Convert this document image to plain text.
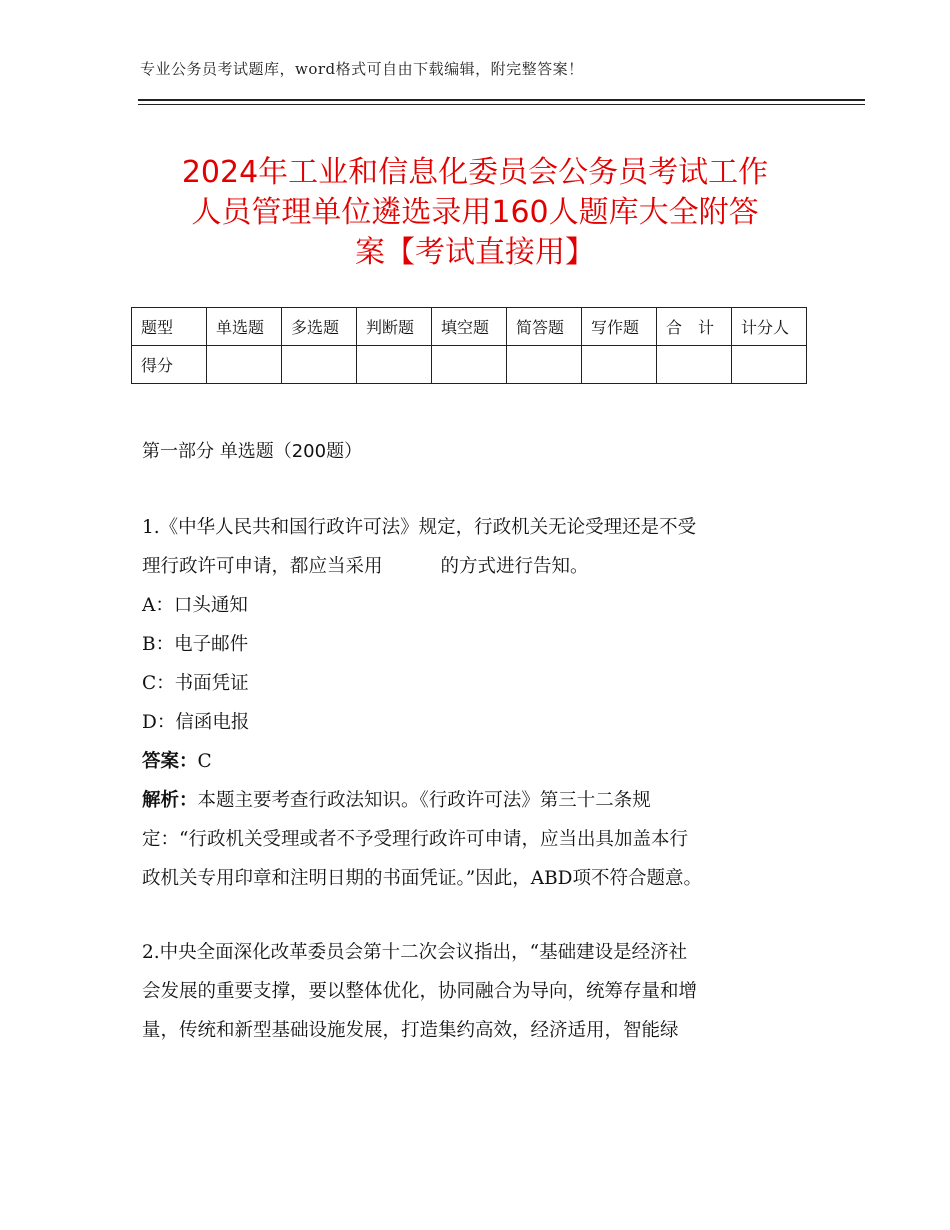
专业公务员考试题库，word格式可自由下载编辑，附完整答案！
2024年工业和信息化委员会公务员考试工作
人员管理单位遴选录用160人题库大全附答
案【考试直接用】
题型	单选题	多选题	判断题	填空题	简答题	写作题	合　计	计分人
得分								
第一部分 单选题（200题）
1.《中华人民共和国行政许可法》规定，行政机关无论受理还是不受
理行政许可申请，都应当采用	的方式进行告知。
A：口头通知
B：电子邮件
C：书面凭证
D：信函电报
答案：C
解析：本题主要考查行政法知识。《行政许可法》第三十二条规
定：“行政机关受理或者不予受理行政许可申请，应当出具加盖本行
政机关专用印章和注明日期的书面凭证。”因此，ABD项不符合题意。
2.中央全面深化改革委员会第十二次会议指出，“基础建设是经济社
会发展的重要支撑，要以整体优化，协同融合为导向，统筹存量和增
量，传统和新型基础设施发展，打造集约高效，经济适用，智能绿
